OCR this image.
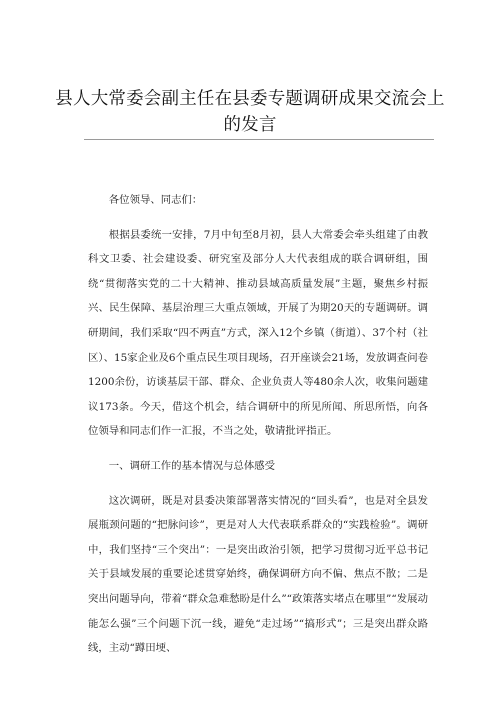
县人大常委会副主任在县委专题调研成果交流会上的发言

各位领导、同志们：

根据县委统一安排，7月中旬至8月初，县人大常委会牵头组建了由教科文卫委、社会建设委、研究室及部分人大代表组成的联合调研组，围绕“贯彻落实党的二十大精神、推动县域高质量发展”主题，聚焦乡村振兴、民生保障、基层治理三大重点领域，开展了为期20天的专题调研。调研期间，我们采取“四不两直”方式，深入12个乡镇（街道）、37个村（社区）、15家企业及6个重点民生项目现场，召开座谈会21场，发放调查问卷1200余份，访谈基层干部、群众、企业负责人等480余人次，收集问题建议173条。今天，借这个机会，结合调研中的所见所闻、所思所悟，向各位领导和同志们作一汇报，不当之处，敬请批评指正。

一、调研工作的基本情况与总体感受

这次调研，既是对县委决策部署落实情况的“回头看”，也是对全县发展瓶颈问题的“把脉问诊”，更是对人大代表联系群众的“实践检验”。调研中，我们坚持“三个突出”：一是突出政治引领，把学习贯彻习近平总书记关于县域发展的重要论述贯穿始终，确保调研方向不偏、焦点不散；二是突出问题导向，带着“群众急难愁盼是什么”“政策落实堵点在哪里”“发展动能怎么强”三个问题下沉一线，避免“走过场”“搞形式”；三是突出群众路线，主动“蹲田埂、
